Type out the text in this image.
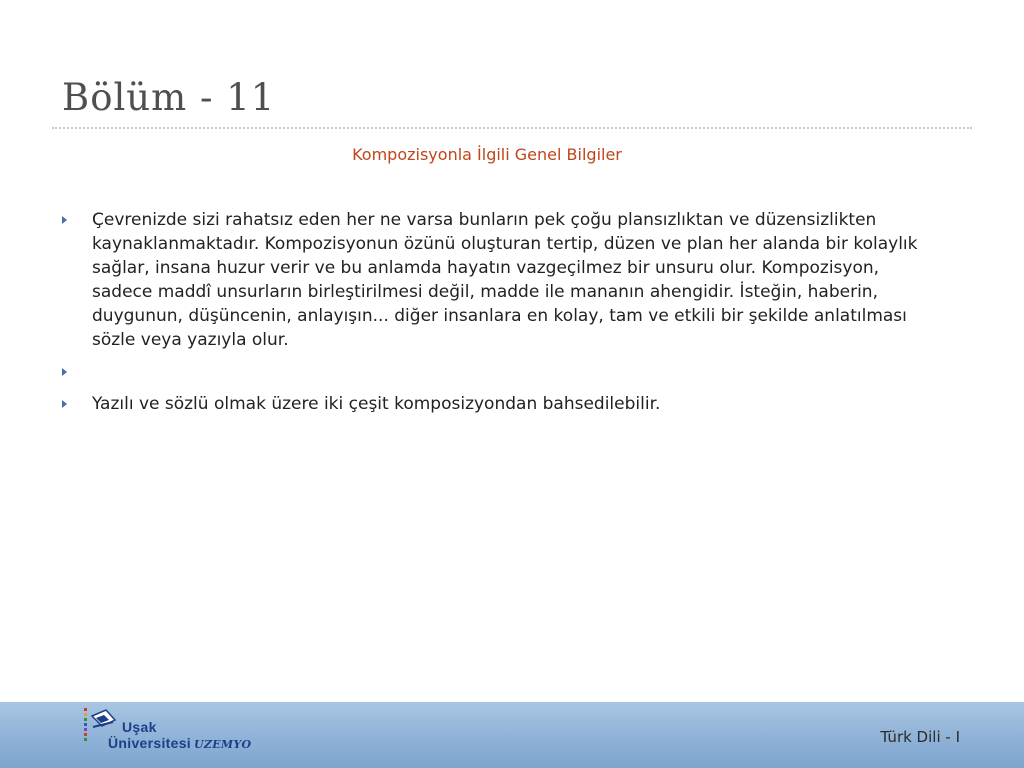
Bölüm - 11
Kompozisyonla İlgili Genel Bilgiler
Çevrenizde sizi rahatsız eden her ne varsa bunların pek çoğu plansızlıktan ve düzensizlikten kaynaklanmaktadır. Kompozisyonun özünü oluşturan tertip, düzen ve plan her alanda bir kolaylık sağlar, insana huzur verir ve bu anlamda hayatın vazgeçilmez bir unsuru olur. Kompozisyon, sadece maddî unsurların birleştirilmesi değil, madde ile mananın ahengidir. İsteğin, haberin, duygunun, düşüncenin, anlayışın... diğer insanlara en kolay, tam ve etkili bir şekilde anlatılması sözle veya yazıyla olur.
Yazılı ve sözlü olmak üzere iki çeşit komposizyondan bahsedilebilir.
Uşak
Üniversitesi UZEMYO	Türk Dili - I
